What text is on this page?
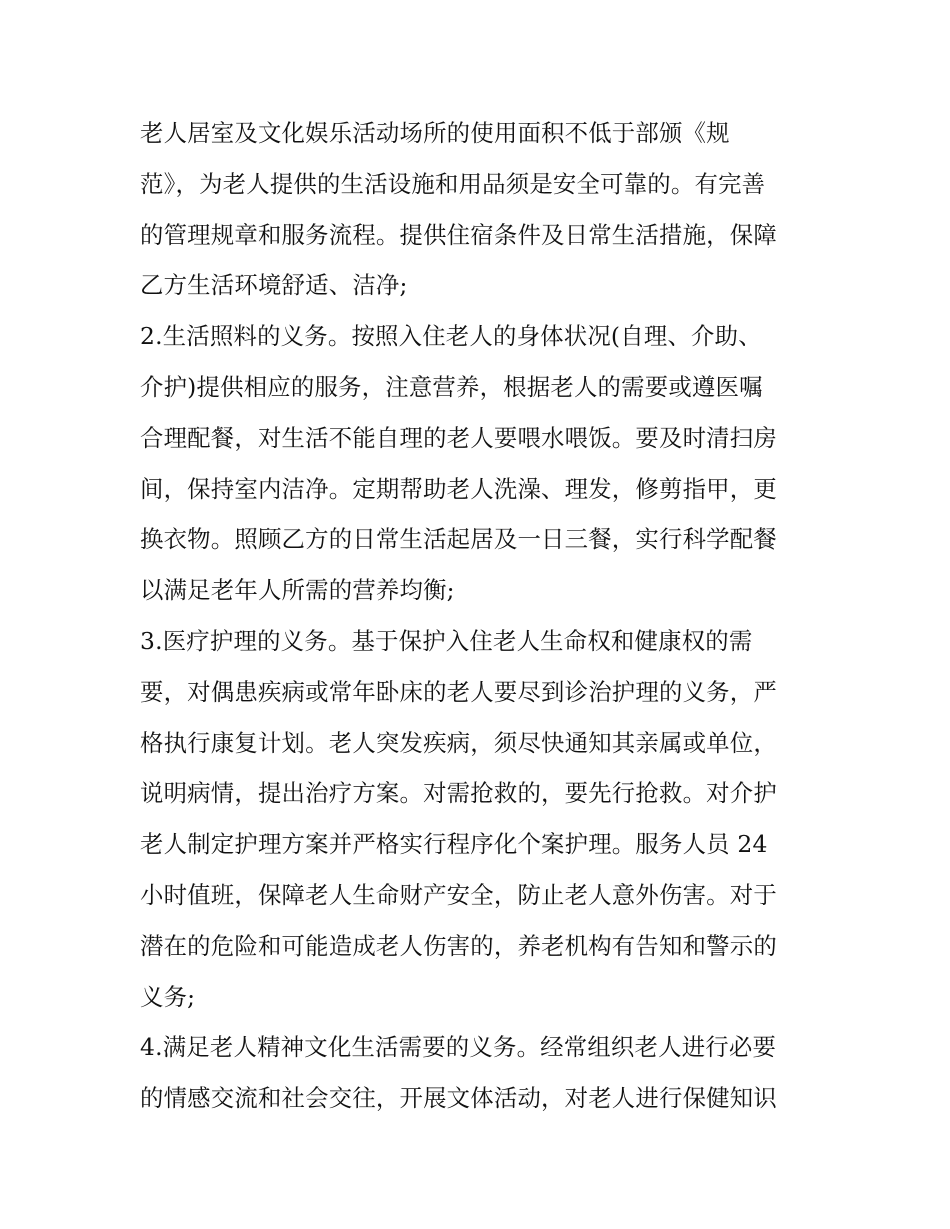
老人居室及文化娱乐活动场所的使用面积不低于部颁《规
范》，为老人提供的生活设施和用品须是安全可靠的。有完善
的管理规章和服务流程。提供住宿条件及日常生活措施，保障
乙方生活环境舒适、洁净;
2.生活照料的义务。按照入住老人的身体状况(自理、介助、
介护)提供相应的服务，注意营养，根据老人的需要或遵医嘱
合理配餐，对生活不能自理的老人要喂水喂饭。要及时清扫房
间，保持室内洁净。定期帮助老人洗澡、理发，修剪指甲，更
换衣物。照顾乙方的日常生活起居及一日三餐，实行科学配餐
以满足老年人所需的营养均衡;
3.医疗护理的义务。基于保护入住老人生命权和健康权的需
要，对偶患疾病或常年卧床的老人要尽到诊治护理的义务，严
格执行康复计划。老人突发疾病，须尽快通知其亲属或单位，
说明病情，提出治疗方案。对需抢救的，要先行抢救。对介护
老人制定护理方案并严格实行程序化个案护理。服务人员 24
小时值班，保障老人生命财产安全，防止老人意外伤害。对于
潜在的危险和可能造成老人伤害的，养老机构有告知和警示的
义务;
4.满足老人精神文化生活需要的义务。经常组织老人进行必要
的情感交流和社会交往，开展文体活动，对老人进行保健知识
